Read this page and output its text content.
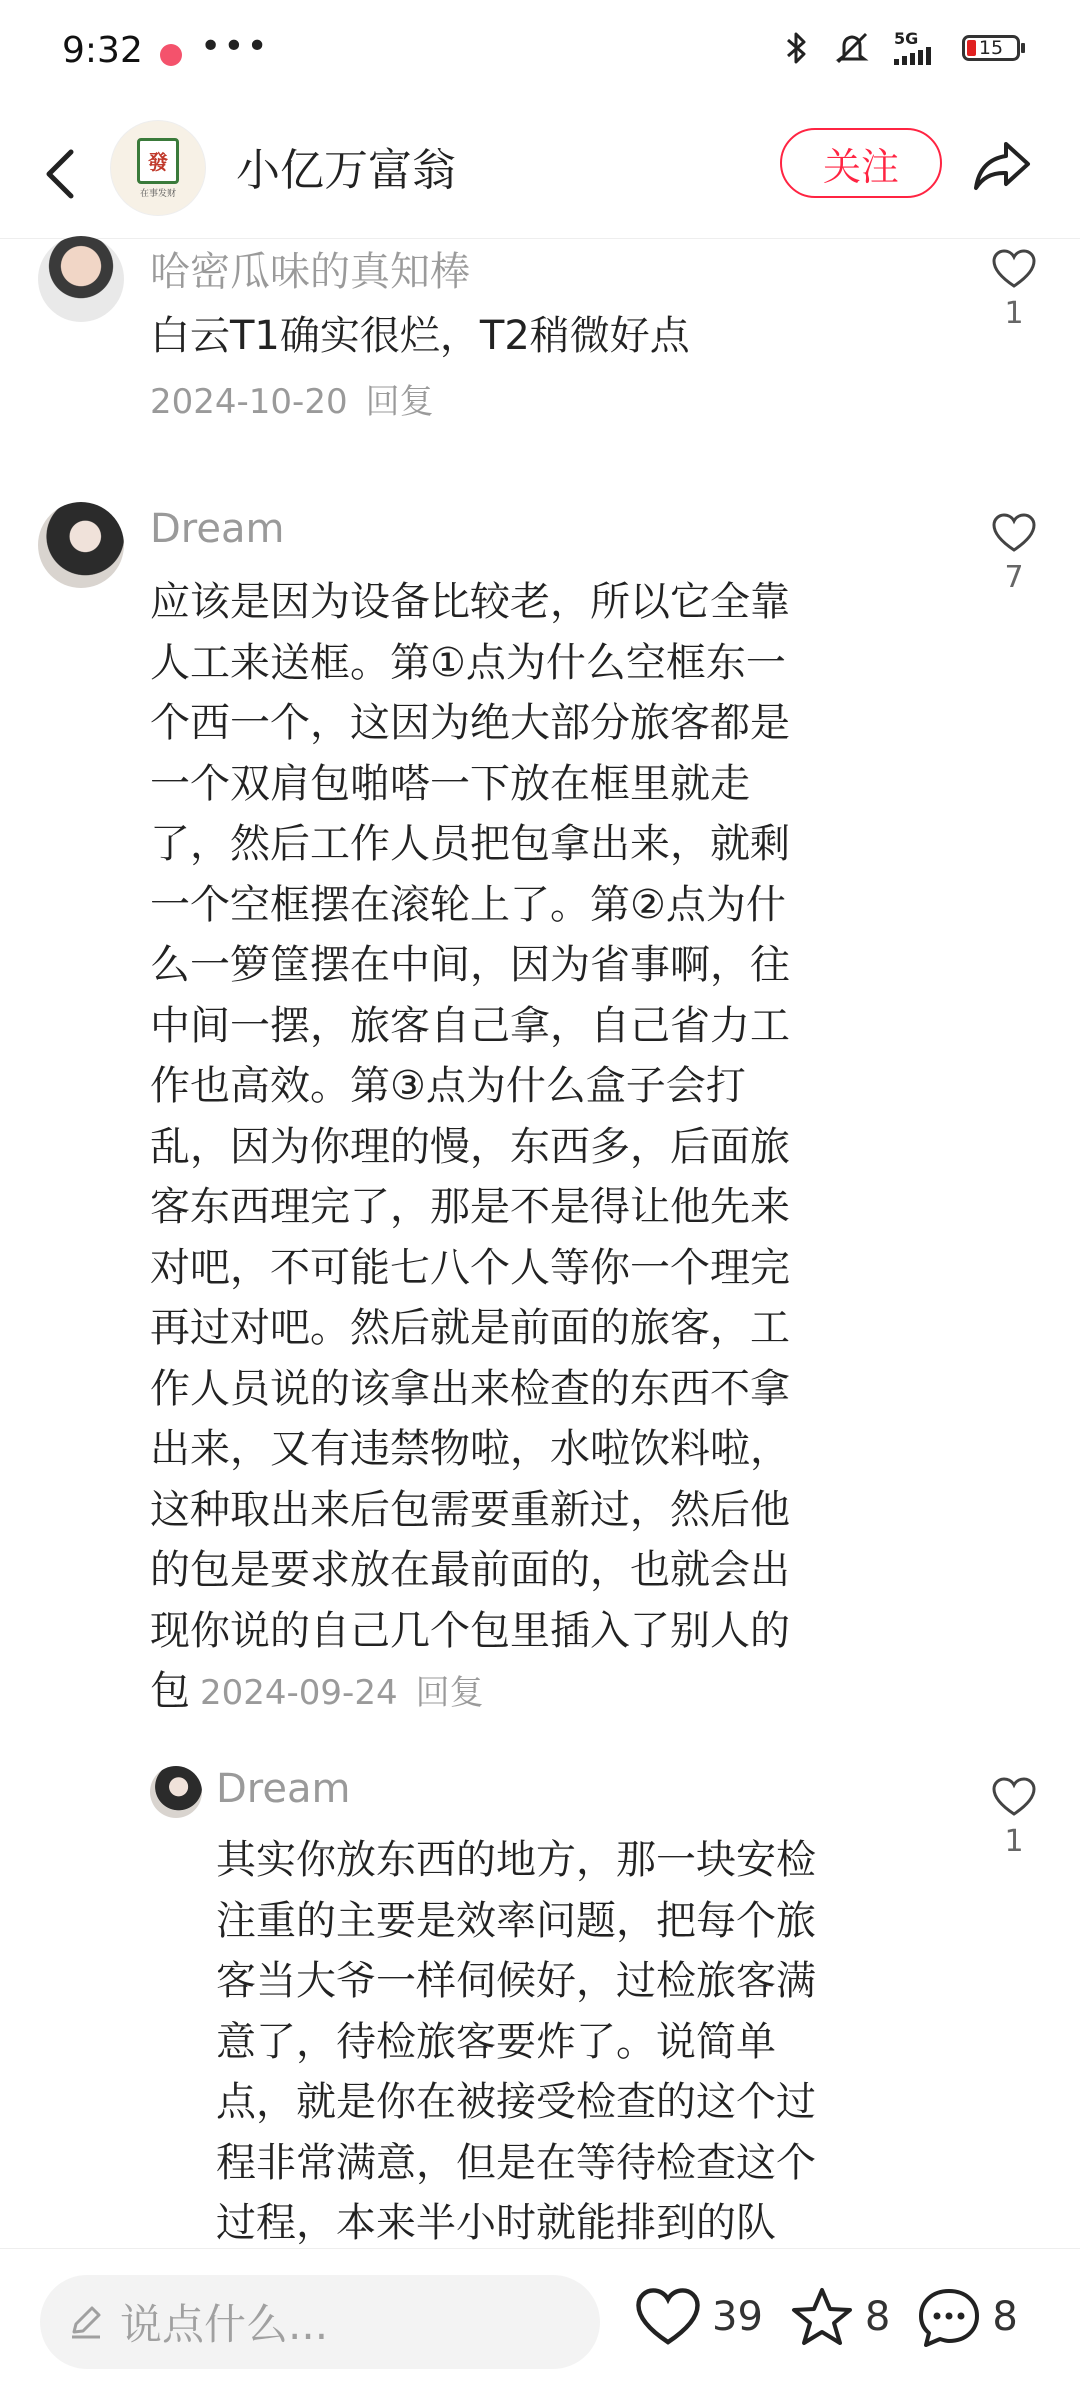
9:32 •••	5G	15
發
在事发财 小亿万富翁	关注
哈密瓜味的真知棒
白云T1确实很烂，T2稍微好点
2024-10-20 回复
1
Dream
应该是因为设备比较老，所以它全靠
人工来送框。第①点为什么空框东一
个西一个，这因为绝大部分旅客都是
一个双肩包啪嗒一下放在框里就走
了，然后工作人员把包拿出来，就剩
一个空框摆在滚轮上了。第②点为什
么一箩筐摆在中间，因为省事啊，往
中间一摆，旅客自己拿，自己省力工
作也高效。第③点为什么盒子会打
乱，因为你理的慢，东西多，后面旅
客东西理完了，那是不是得让他先来
对吧，不可能七八个人等你一个理完
再过对吧。然后就是前面的旅客，工
作人员说的该拿出来检查的东西不拿
出来，又有违禁物啦，水啦饮料啦，
这种取出来后包需要重新过，然后他
的包是要求放在最前面的，也就会出
现你说的自己几个包里插入了别人的
包 2024-09-24 回复
7
Dream
其实你放东西的地方，那一块安检
注重的主要是效率问题，把每个旅
客当大爷一样伺候好，过检旅客满
意了，待检旅客要炸了。说简单
点，就是你在被接受检查的这个过
程非常满意，但是在等待检查这个
过程，本来半小时就能排到的队
1
说点什么...	39	8	8
